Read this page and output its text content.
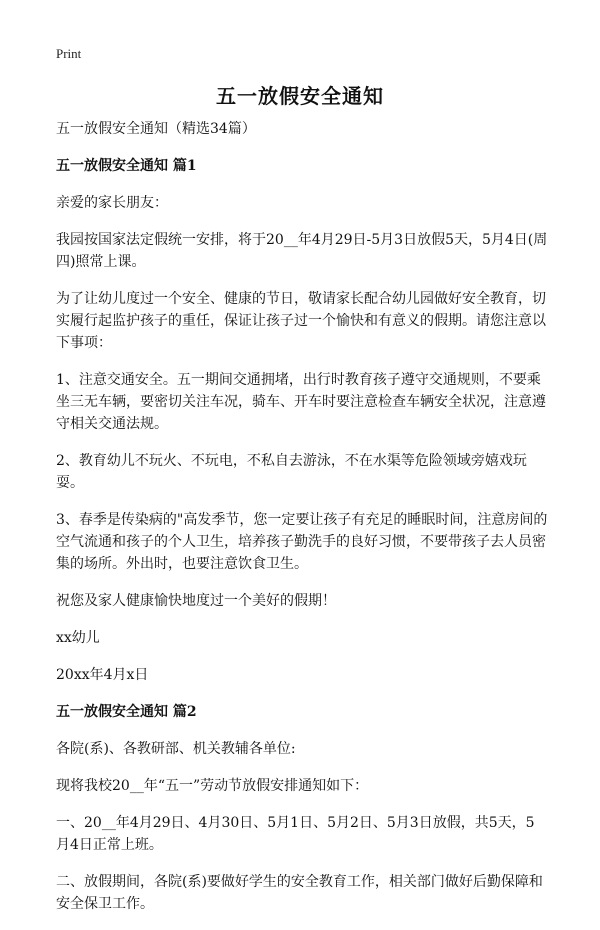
Print
五一放假安全通知

五一放假安全通知（精选34篇）

五一放假安全通知 篇1

亲爱的家长朋友：

我园按国家法定假统一安排，将于20__年4月29日-5月3日放假5天，5月4日(周四)照常上课。

为了让幼儿度过一个安全、健康的节日，敬请家长配合幼儿园做好安全教育，切实履行起监护孩子的重任，保证让孩子过一个愉快和有意义的假期。请您注意以下事项：

1、注意交通安全。五一期间交通拥堵，出行时教育孩子遵守交通规则，不要乘坐三无车辆，要密切关注车况，骑车、开车时要注意检查车辆安全状况，注意遵守相关交通法规。

2、教育幼儿不玩火、不玩电，不私自去游泳，不在水渠等危险领域旁嬉戏玩耍。

3、春季是传染病的"高发季节，您一定要让孩子有充足的睡眠时间，注意房间的空气流通和孩子的个人卫生，培养孩子勤洗手的良好习惯，不要带孩子去人员密集的场所。外出时，也要注意饮食卫生。

祝您及家人健康愉快地度过一个美好的假期！

xx幼儿

20xx年4月x日

五一放假安全通知 篇2

各院(系)、各教研部、机关教辅各单位:

现将我校20__年“五一”劳动节放假安排通知如下：

一、20__年4月29日、4月30日、5月1日、5月2日、5月3日放假，共5天，5月4日正常上班。

二、放假期间，各院(系)要做好学生的安全教育工作，相关部门做好后勤保障和安全保卫工作。
